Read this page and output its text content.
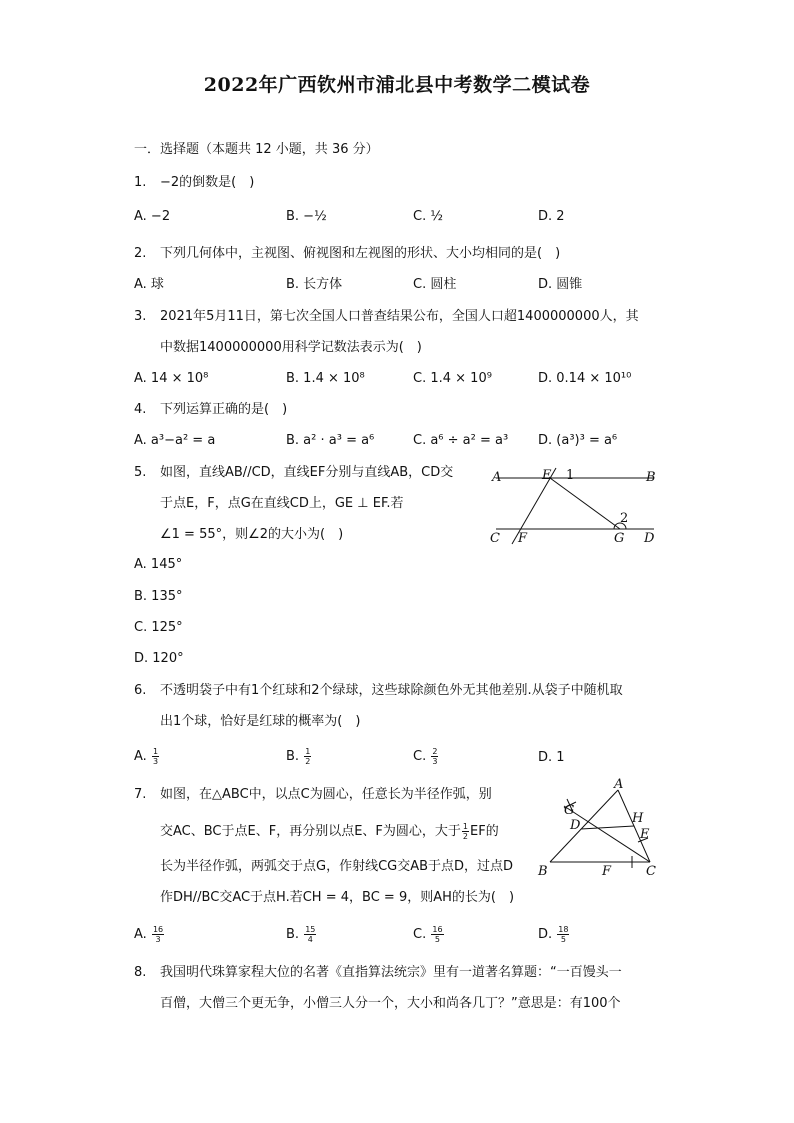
2022年广西钦州市浦北县中考数学二模试卷
一．选择题（本题共 12 小题，共 36 分）
1. −2的倒数是(　)
A. −2	B. −½	C. ½	D. 2
2. 下列几何体中，主视图、俯视图和左视图的形状、大小均相同的是(　)
A. 球	B. 长方体	C. 圆柱	D. 圆锥
3. 2021年5月11日，第七次全国人口普查结果公布，全国人口超1400000000人，其
中数据1400000000用科学记数法表示为(　)
A. 14 × 10⁸	B. 1.4 × 10⁸	C. 1.4 × 10⁹	D. 0.14 × 10¹⁰
4. 下列运算正确的是(　)
A. a³−a² = a	B. a² · a³ = a⁶	C. a⁶ ÷ a² = a³ D. (a³)³ = a⁶
5. 如图，直线AB//CD，直线EF分别与直线AB，CD交
于点E，F，点G在直线CD上，GE ⊥ EF.若
∠1 = 55°，则∠2的大小为(　)
A	E 1	B
2
C F	G D
A. 145°
B. 135°
C. 125°
D. 120°
6. 不透明袋子中有1个红球和2个绿球，这些球除颜色外无其他差别.从袋子中随机取
出1个球，恰好是红球的概率为(　)
A. $\frac{1}{3}$	B. $\frac{1}{2}$	C. $\frac{2}{3}$	D. 1
7. 如图，在△ABC中，以点C为圆心，任意长为半径作弧，别
交AC、BC于点E、F，再分别以点E、F为圆心，大于 $\frac{1}{2}$ EF的
长为半径作弧，两弧交于点G，作射线CG交AB于点D，过点D
作DH//BC交AC于点H.若CH = 4，BC = 9，则AH的长为(　)
A
G
H
D
E
B	F	C
A. $\frac{16}{3}$	B. $\frac{15}{4}$	C. $\frac{16}{5}$	D. $\frac{18}{5}$
8. 我国明代珠算家程大位的名著《直指算法统宗》里有一道著名算题：“一百馒头一
百僧，大僧三个更无争，小僧三人分一个，大小和尚各几丁？”意思是：有100个
